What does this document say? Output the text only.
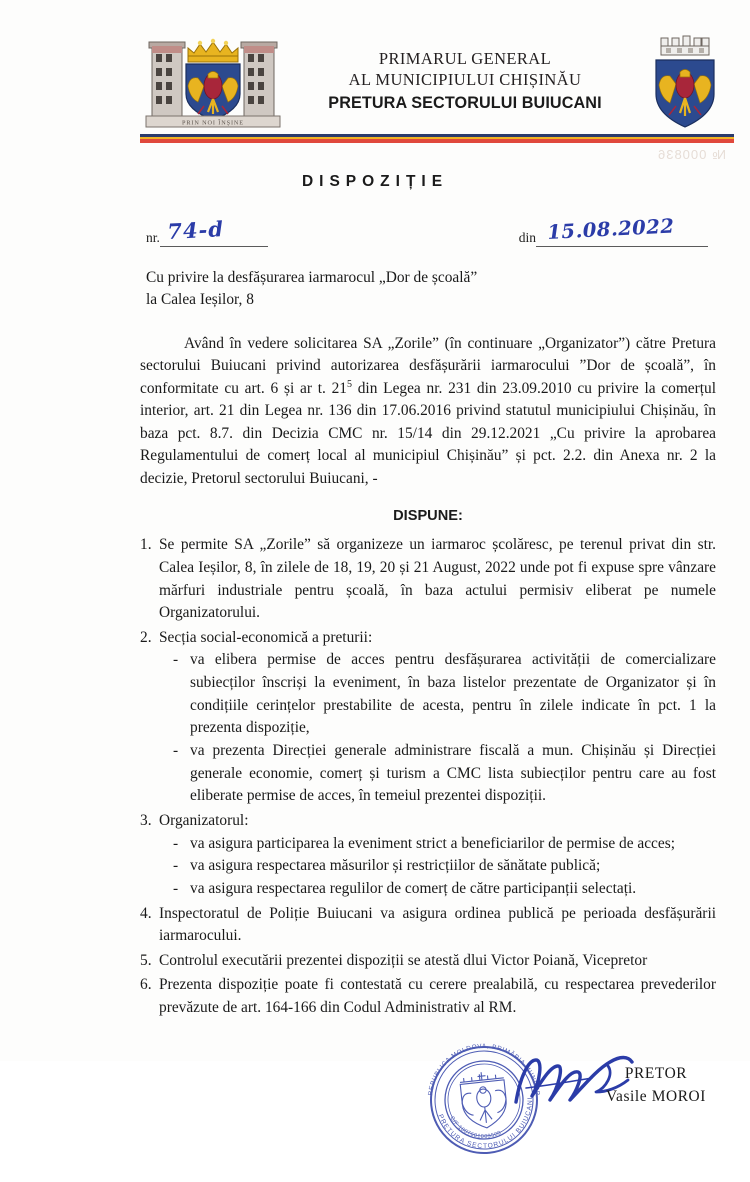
PRIN NOI ÎNȘINE
PRIMARUL GENERAL
AL MUNICIPIULUI CHIȘINĂU
PRETURA SECTORULUI BUIUCANI
№ 000836
DISPOZIȚIE
nr. 74-d	din 15.08.2022
Cu privire la desfășurarea iarmarocul „Dor de școală”
la Calea Ieșilor, 8
Având în vedere solicitarea SA „Zorile” (în continuare „Organizator”) către Pretura sectorului Buiucani privind autorizarea desfășurării iarmarocului ”Dor de școală”, în conformitate cu art. 6 și ar t. $21^5$ din Legea nr. 231 din 23.09.2010 cu privire la comerțul interior, art. 21 din Legea nr. 136 din 17.06.2016 privind statutul municipiului Chișinău, în baza pct. 8.7. din Decizia CMC nr. 15/14 din 29.12.2021 „Cu privire la aprobarea Regulamentului de comerț local al municipiul Chișinău” și pct. 2.2. din Anexa nr. 2 la decizie, Pretorul sectorului Buiucani, -
DISPUNE:
1. Se permite SA „Zorile” să organizeze un iarmaroc școlăresc, pe terenul privat din str. Calea Ieșilor, 8, în zilele de 18, 19, 20 și 21 August, 2022 unde pot fi expuse spre vânzare mărfuri industriale pentru școală, în baza actului permisiv eliberat pe numele Organizatorului.
2. Secția social-economică a preturii:
- va elibera permise de acces pentru desfășurarea activității de comercializare subiecților înscriși la eveniment, în baza listelor prezentate de Organizator și în condițiile cerințelor prestabilite de acesta, pentru în zilele indicate în pct. 1 la prezenta dispoziție,
- va prezenta Direcției generale administrare fiscală a mun. Chișinău și Direcției generale economie, comerț și turism a CMC lista subiecților pentru care au fost eliberate permise de acces, în temeiul prezentei dispoziții.
3. Organizatorul:
- va asigura participarea la eveniment strict a beneficiarilor de permise de acces;
- va asigura respectarea măsurilor și restricțiilor de sănătate publică;
- va asigura respectarea regulilor de comerț de către participanții selectați.
4. Inspectoratul de Poliție Buiucani va asigura ordinea publică pe perioada desfășurării iarmarocului.
5. Controlul executării prezentei dispoziții se atestă dlui Victor Poiană, Vicepretor
6. Prezenta dispoziție poate fi contestată cu cerere prealabilă, cu respectarea prevederilor prevăzute de art. 164-166 din Codul Administrativ al RM.
REPUBLICA MOLDOVA, PRIMĂRIA MUNICIPIULUI
PRETURA SECTORULUI BUIUCANI
C/F 1007601009509
PRETOR
Vasile MOROI
